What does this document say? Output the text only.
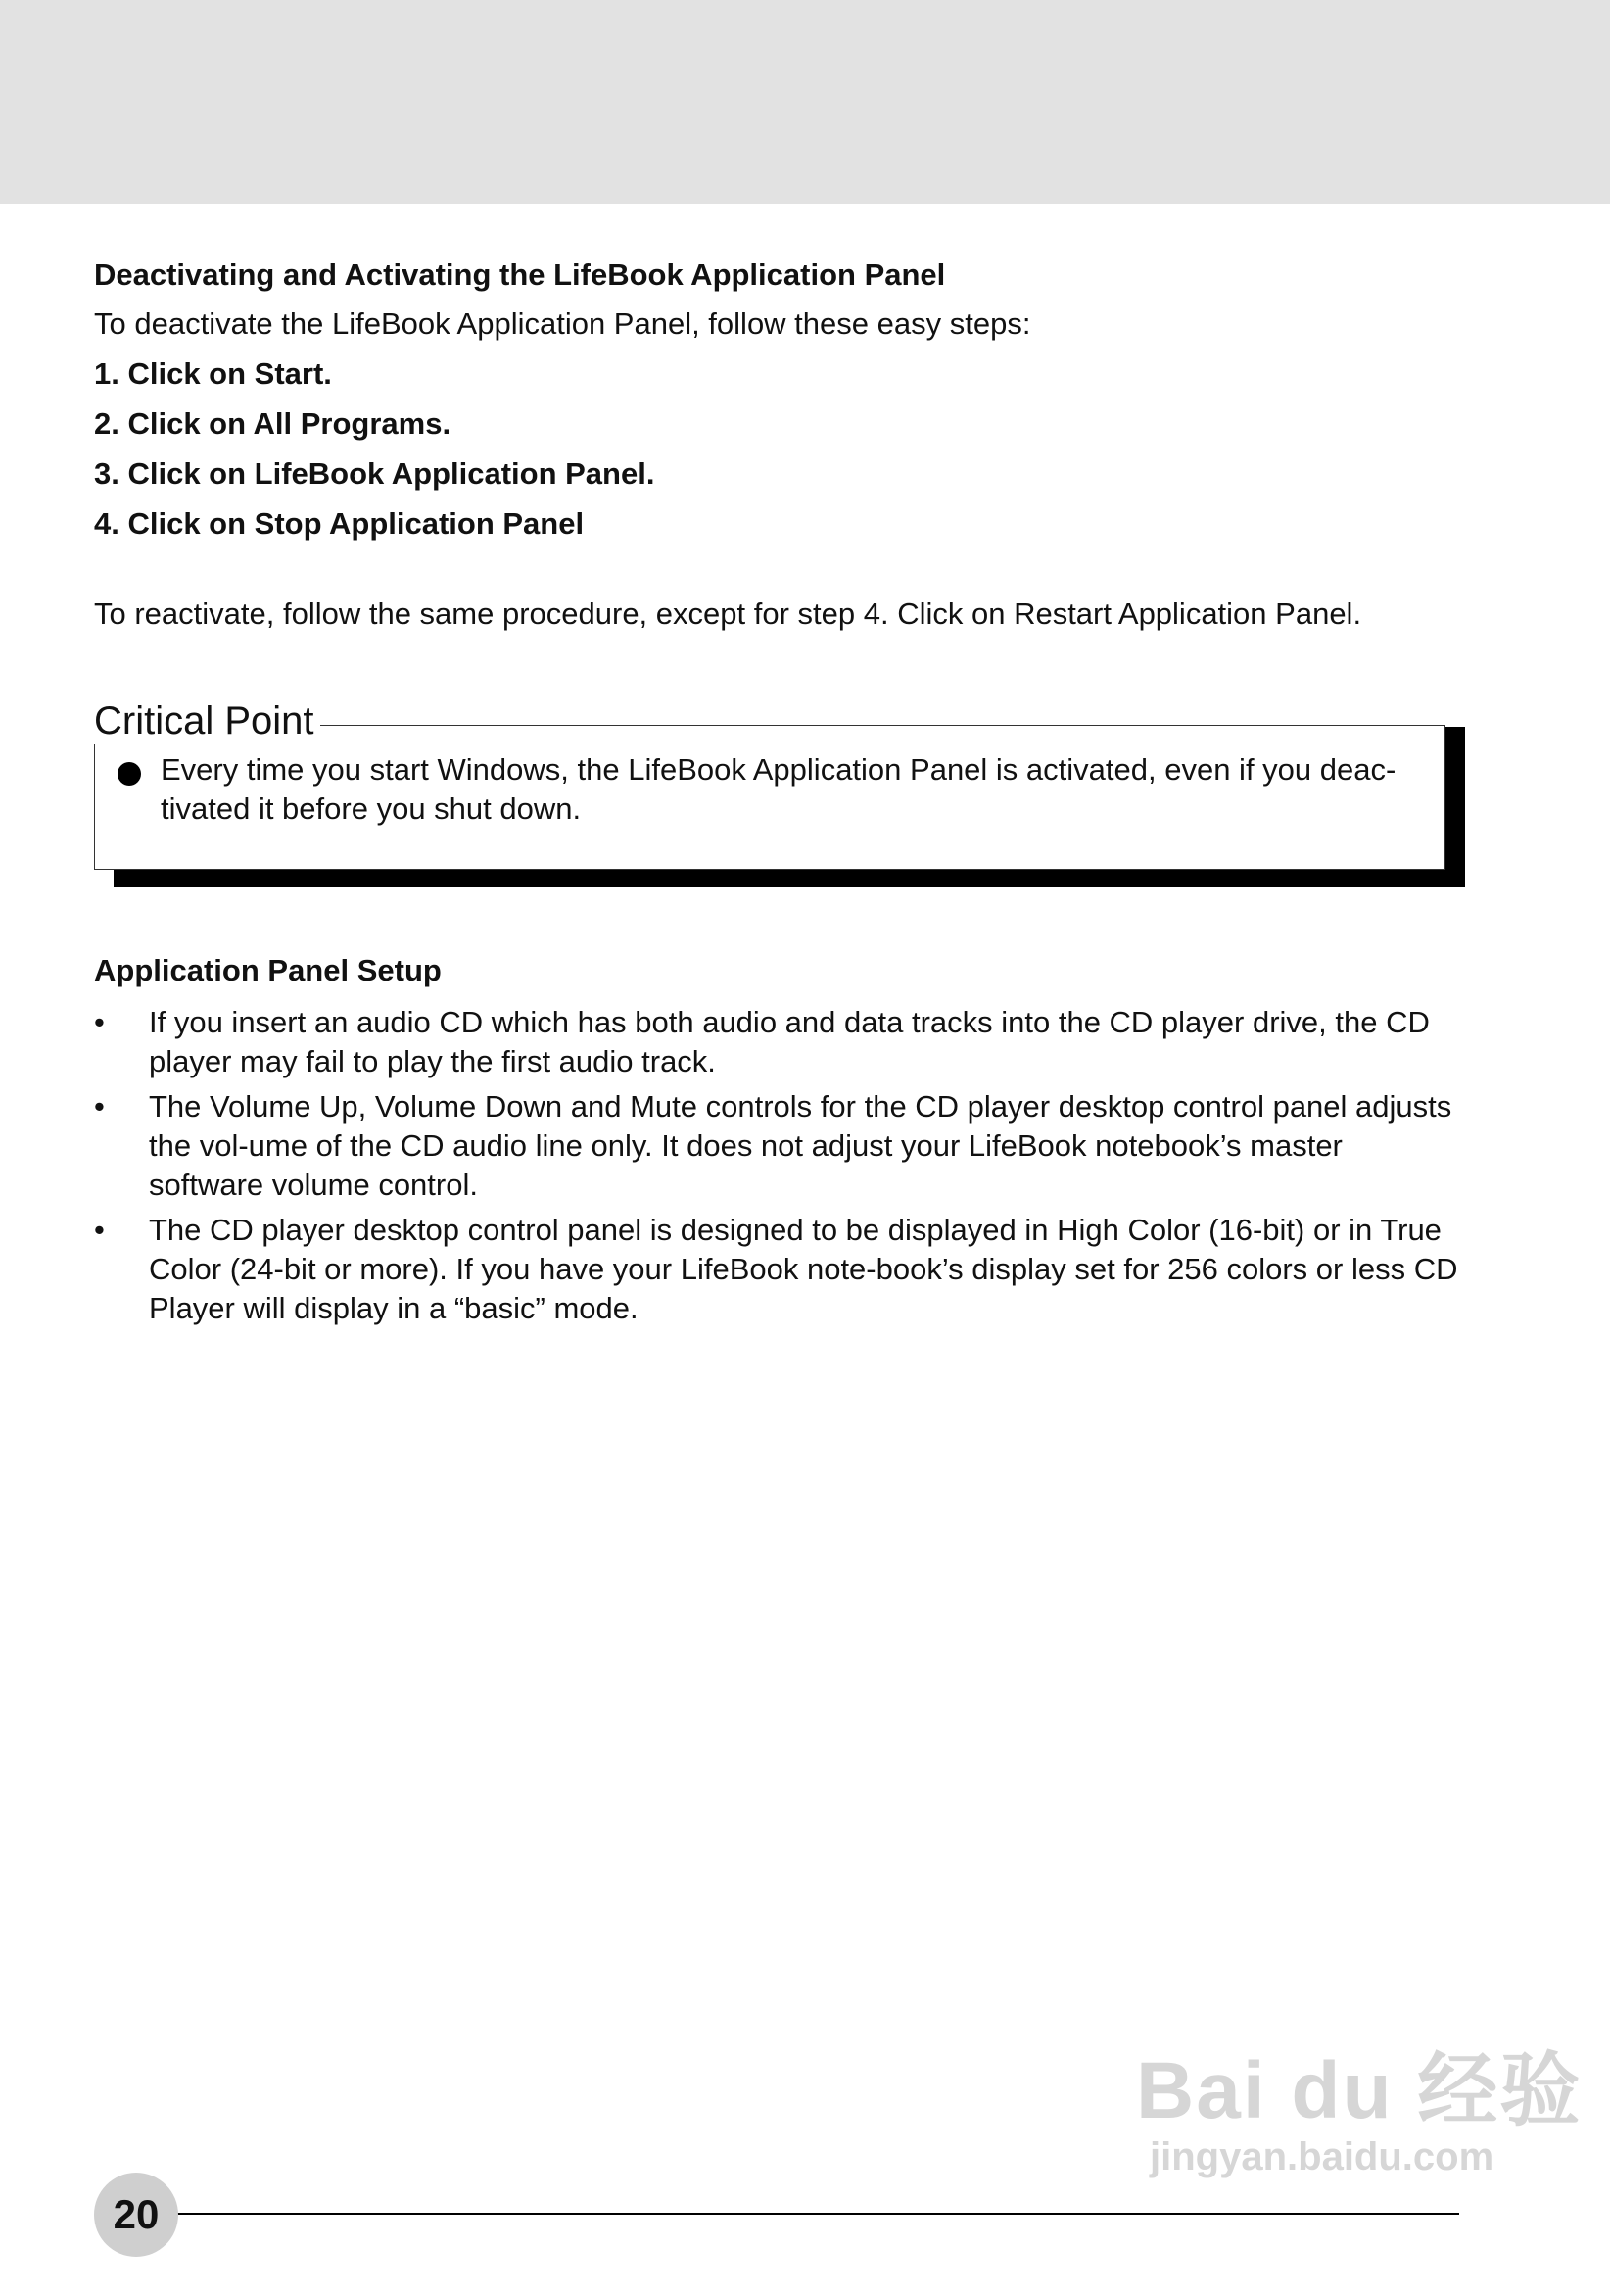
Deactivating and Activating the LifeBook Application Panel

To deactivate the LifeBook Application Panel, follow these easy steps:

1. Click on Start.
2. Click on All Programs.
3. Click on LifeBook Application Panel.
4. Click on Stop Application Panel

To reactivate, follow the same procedure, except for step 4. Click on Restart Application Panel.

Critical Point
Every time you start Windows, the LifeBook Application Panel is activated, even if you deac-tivated it before you shut down.
Application Panel Setup
• If you insert an audio CD which has both audio and data tracks into the CD player drive, the CD player may fail to play the first audio track.
• The Volume Up, Volume Down and Mute controls for the CD player desktop control panel adjusts the vol-ume of the CD audio line only. It does not adjust your LifeBook notebook’s master software volume control.
• The CD player desktop control panel is designed to be displayed in High Color (16-bit) or in True Color (24-bit or more). If you have your LifeBook note-book’s display set for 256 colors or less CD Player will display in a “basic” mode.
Bai du 经验
jingyan.baidu.com
20
